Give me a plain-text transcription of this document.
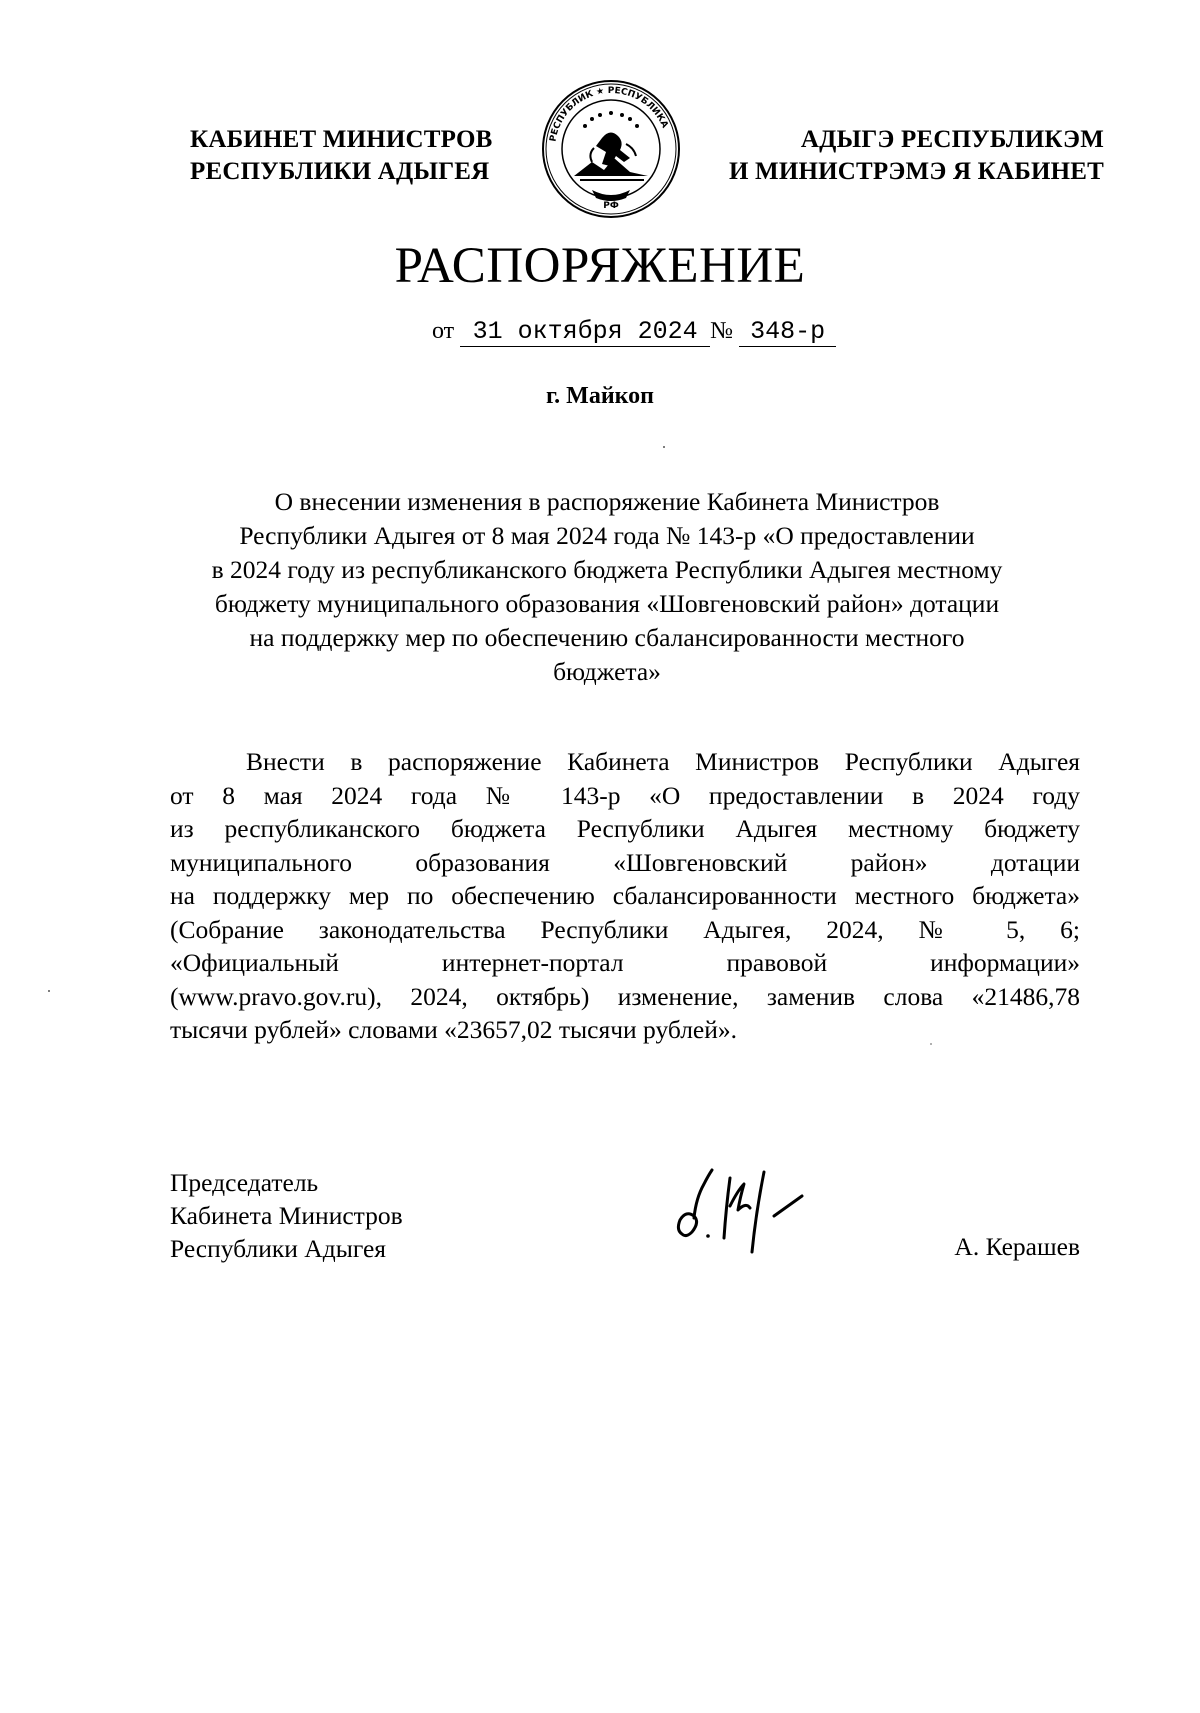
КАБИНЕТ МИНИСТРОВ
РЕСПУБЛИКИ АДЫГЕЯ
РЕСПУБЛИК ★ РЕСПУБЛИКА
РФ
АДЫГЭ РЕСПУБЛИКЭМ
И МИНИСТРЭМЭ Я КАБИНЕТ
РАСПОРЯЖЕНИЕ
от 31 октября 2024 № 348-р
г. Майкоп
О внесении изменения в распоряжение Кабинета Министров
Республики Адыгея от 8 мая 2024 года № 143-р «О предоставлении
в 2024 году из республиканского бюджета Республики Адыгея местному
бюджету муниципального образования «Шовгеновский район» дотации
на поддержку мер по обеспечению сбалансированности местного
бюджета»
Внести в распоряжение Кабинета Министров Республики Адыгея
от 8 мая 2024 года № 143-р «О предоставлении в 2024 году
из республиканского бюджета Республики Адыгея местному бюджету
муниципального образования «Шовгеновский район» дотации
на поддержку мер по обеспечению сбалансированности местного бюджета»
(Собрание законодательства Республики Адыгея, 2024, № 5, 6;
«Официальный интернет-портал правовой информации»
(www.pravo.gov.ru), 2024, октябрь) изменение, заменив слова «21486,78
тысячи рублей» словами «23657,02 тысячи рублей».
Председатель
Кабинета Министров
Республики Адыгея	А. Керашев
